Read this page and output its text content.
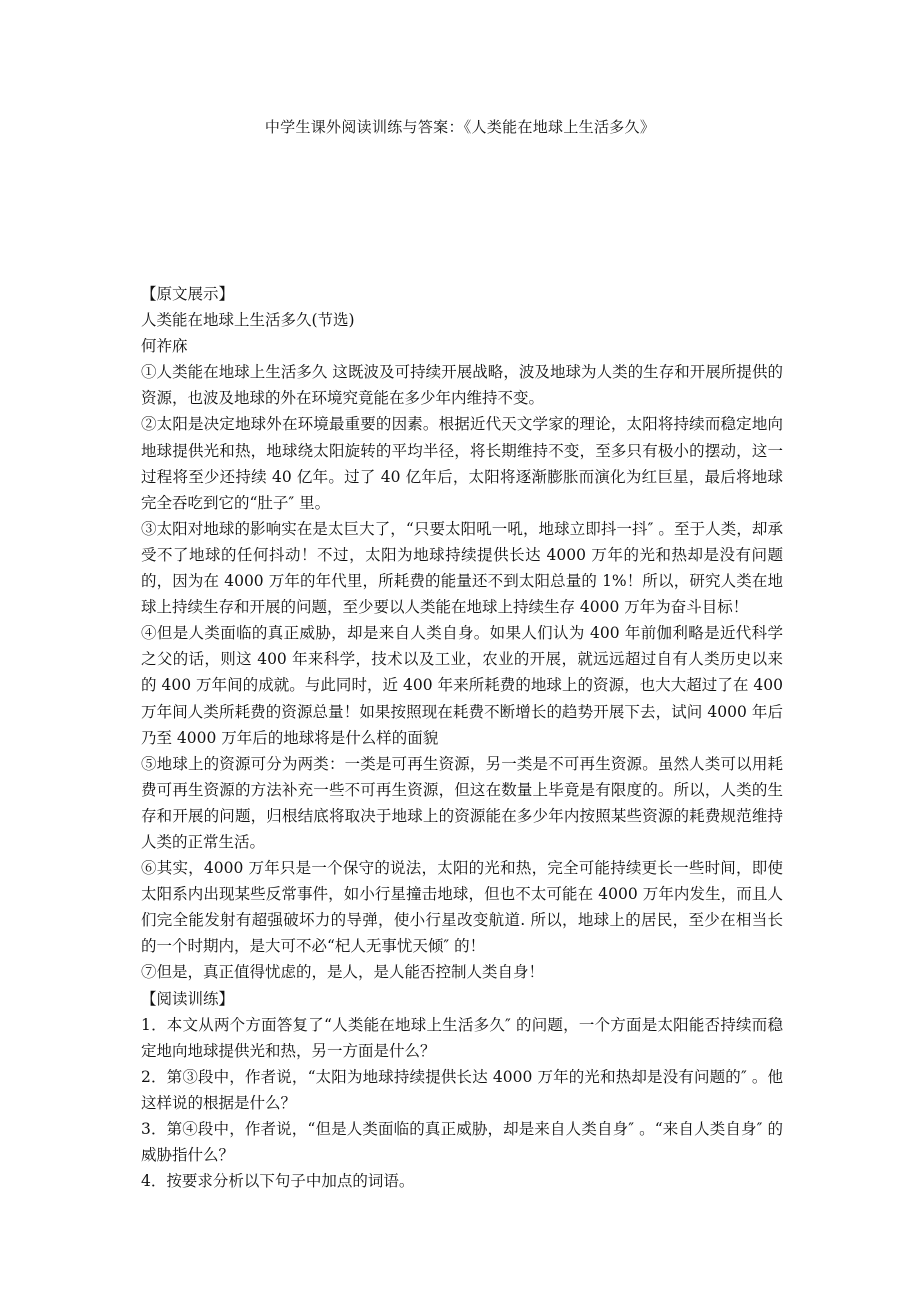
中学生课外阅读训练与答案：《人类能在地球上生活多久》

【原文展示】

人类能在地球上生活多久(节选)

何祚庥

①人类能在地球上生活多久 这既波及可持续开展战略，波及地球为人类的生存和开展所提供的资源，也波及地球的外在环境究竟能在多少年内维持不变。

②太阳是决定地球外在环境最重要的因素。根据近代天文学家的理论，太阳将持续而稳定地向地球提供光和热，地球绕太阳旋转的平均半径，将长期维持不变，至多只有极小的摆动，这一过程将至少还持续 40 亿年。过了 40 亿年后，太阳将逐渐膨胀而演化为红巨星，最后将地球完全吞吃到它的“肚子″ 里。

③太阳对地球的影响实在是太巨大了，“只要太阳吼一吼，地球立即抖一抖″ 。至于人类，却承受不了地球的任何抖动！不过，太阳为地球持续提供长达 4000 万年的光和热却是没有问题的，因为在 4000 万年的年代里，所耗费的能量还不到太阳总量的 1%！所以，研究人类在地球上持续生存和开展的问题，至少要以人类能在地球上持续生存 4000 万年为奋斗目标！

④但是人类面临的真正威胁，却是来自人类自身。如果人们认为 400 年前伽利略是近代科学之父的话，则这 400 年来科学，技术以及工业，农业的开展，就远远超过自有人类历史以来的 400 万年间的成就。与此同时，近 400 年来所耗费的地球上的资源，也大大超过了在 400 万年间人类所耗费的资源总量！如果按照现在耗费不断增长的趋势开展下去，试问 4000 年后乃至 4000 万年后的地球将是什么样的面貌

⑤地球上的资源可分为两类：一类是可再生资源，另一类是不可再生资源。虽然人类可以用耗费可再生资源的方法补充一些不可再生资源，但这在数量上毕竟是有限度的。所以，人类的生存和开展的问题，归根结底将取决于地球上的资源能在多少年内按照某些资源的耗费规范维持人类的正常生活。

⑥其实，4000 万年只是一个保守的说法，太阳的光和热，完全可能持续更长一些时间，即使太阳系内出现某些反常事件，如小行星撞击地球，但也不太可能在 4000 万年内发生，而且人们完全能发射有超强破坏力的导弹，使小行星改变航道. 所以，地球上的居民，至少在相当长的一个时期内，是大可不必“杞人无事忧天倾″ 的！

⑦但是，真正值得忧虑的，是人，是人能否控制人类自身！

【阅读训练】

1．本文从两个方面答复了“人类能在地球上生活多久″ 的问题，一个方面是太阳能否持续而稳定地向地球提供光和热，另一方面是什么？

2．第③段中，作者说，“太阳为地球持续提供长达 4000 万年的光和热却是没有问题的″ 。他这样说的根据是什么？

3．第④段中，作者说，“但是人类面临的真正威胁，却是来自人类自身″ 。“来自人类自身″ 的威胁指什么？

4．按要求分析以下句子中加点的词语。
